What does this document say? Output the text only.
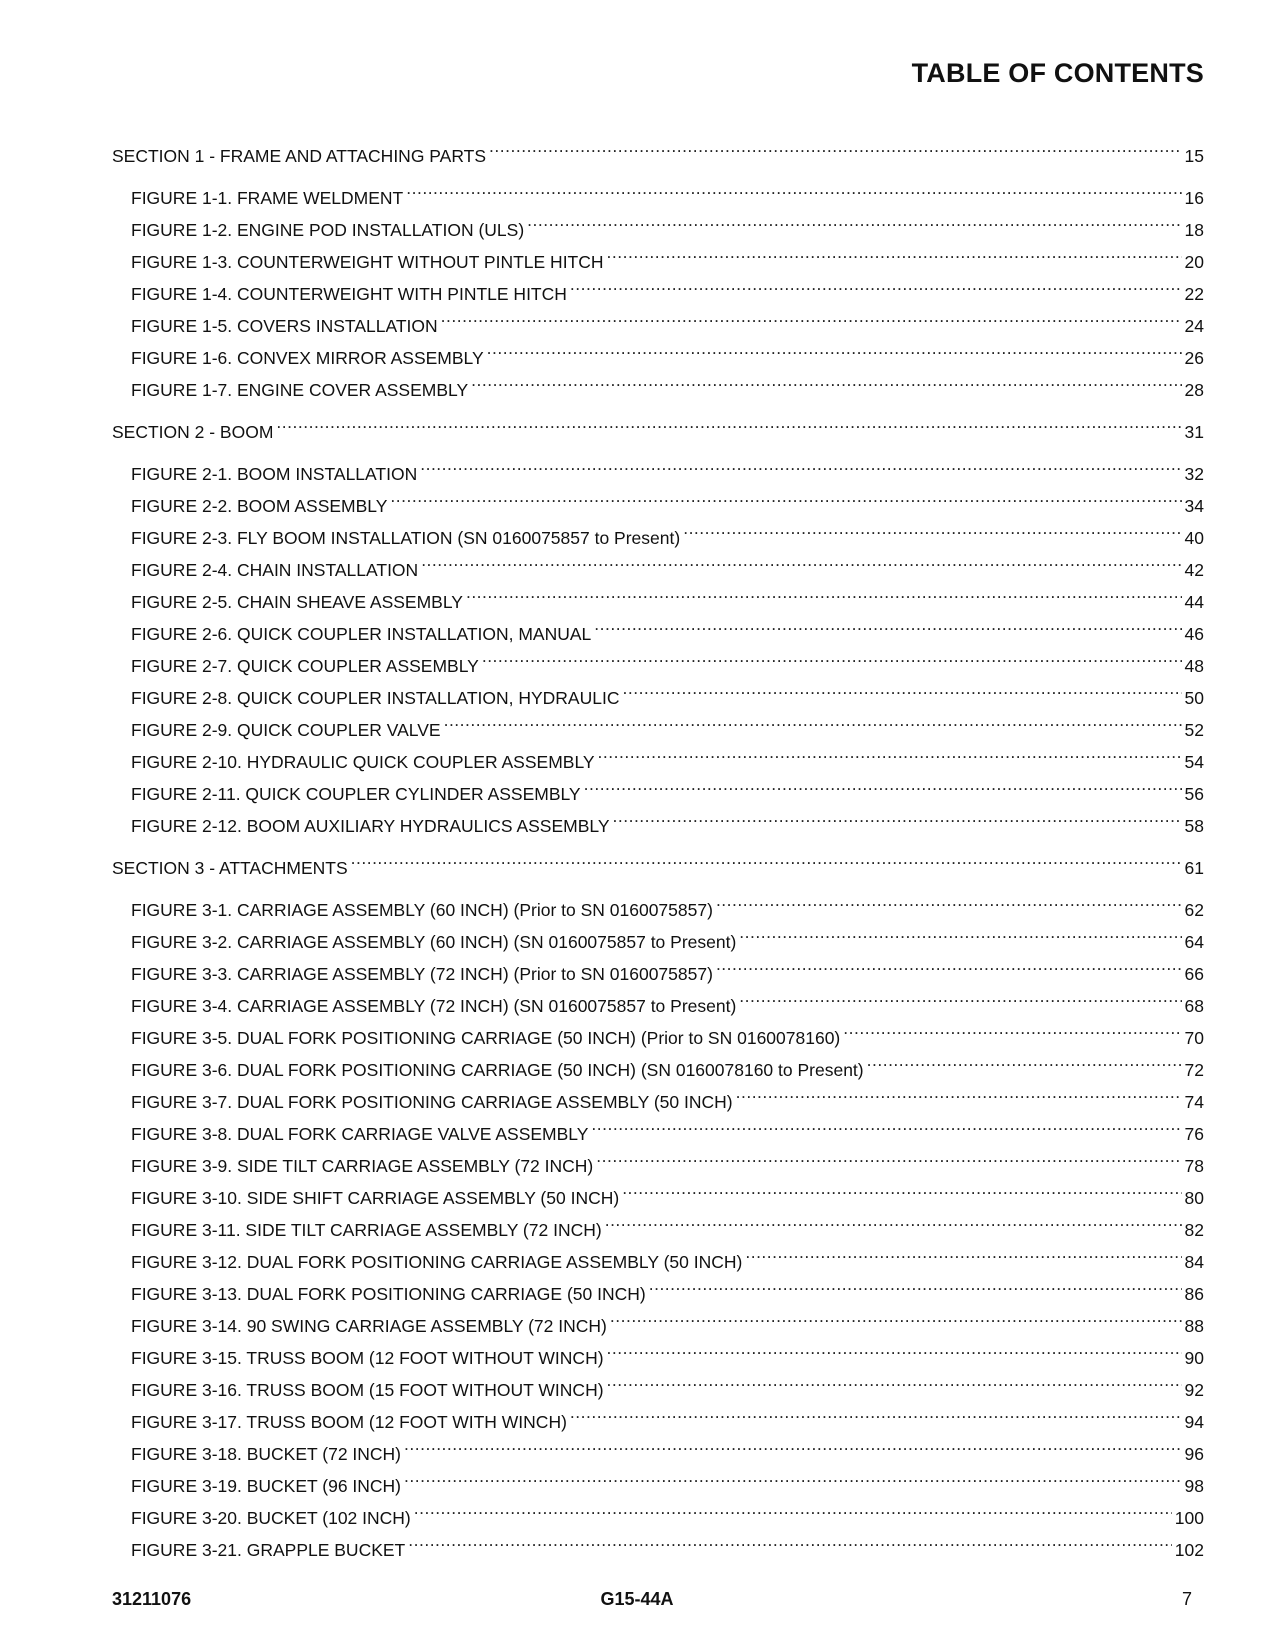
TABLE OF CONTENTS
SECTION 1 - FRAME AND ATTACHING PARTS .....	15
FIGURE 1-1. FRAME WELDMENT .....	16
FIGURE 1-2. ENGINE POD INSTALLATION (ULS) .....	18
FIGURE 1-3. COUNTERWEIGHT WITHOUT PINTLE HITCH .....	20
FIGURE 1-4. COUNTERWEIGHT WITH PINTLE HITCH .....	22
FIGURE 1-5. COVERS INSTALLATION .....	24
FIGURE 1-6. CONVEX MIRROR ASSEMBLY .....	26
FIGURE 1-7. ENGINE COVER ASSEMBLY .....	28
SECTION 2 - BOOM .....	31
FIGURE 2-1. BOOM INSTALLATION .....	32
FIGURE 2-2. BOOM ASSEMBLY .....	34
FIGURE 2-3. FLY BOOM INSTALLATION (SN 0160075857 to Present) .....	40
FIGURE 2-4. CHAIN INSTALLATION .....	42
FIGURE 2-5. CHAIN SHEAVE ASSEMBLY .....	44
FIGURE 2-6. QUICK COUPLER INSTALLATION, MANUAL .....	46
FIGURE 2-7. QUICK COUPLER ASSEMBLY .....	48
FIGURE 2-8. QUICK COUPLER INSTALLATION, HYDRAULIC .....	50
FIGURE 2-9. QUICK COUPLER VALVE .....	52
FIGURE 2-10. HYDRAULIC QUICK COUPLER ASSEMBLY .....	54
FIGURE 2-11. QUICK COUPLER CYLINDER ASSEMBLY .....	56
FIGURE 2-12. BOOM AUXILIARY HYDRAULICS ASSEMBLY .....	58
SECTION 3 - ATTACHMENTS .....	61
FIGURE 3-1. CARRIAGE ASSEMBLY (60 INCH) (Prior to SN 0160075857) .....	62
FIGURE 3-2. CARRIAGE ASSEMBLY (60 INCH) (SN 0160075857 to Present) .....	64
FIGURE 3-3. CARRIAGE ASSEMBLY (72 INCH) (Prior to SN 0160075857) .....	66
FIGURE 3-4. CARRIAGE ASSEMBLY (72 INCH) (SN 0160075857 to Present) .....	68
FIGURE 3-5. DUAL FORK POSITIONING CARRIAGE (50 INCH) (Prior to SN 0160078160) .....	70
FIGURE 3-6. DUAL FORK POSITIONING CARRIAGE (50 INCH) (SN 0160078160 to Present) .....	72
FIGURE 3-7. DUAL FORK POSITIONING CARRIAGE ASSEMBLY (50 INCH) .....	74
FIGURE 3-8. DUAL FORK CARRIAGE VALVE ASSEMBLY .....	76
FIGURE 3-9. SIDE TILT CARRIAGE ASSEMBLY (72 INCH) .....	78
FIGURE 3-10. SIDE SHIFT CARRIAGE ASSEMBLY (50 INCH) .....	80
FIGURE 3-11. SIDE TILT CARRIAGE ASSEMBLY (72 INCH) .....	82
FIGURE 3-12. DUAL FORK POSITIONING CARRIAGE ASSEMBLY (50 INCH) .....	84
FIGURE 3-13. DUAL FORK POSITIONING CARRIAGE (50 INCH) .....	86
FIGURE 3-14. 90 SWING CARRIAGE ASSEMBLY (72 INCH) .....	88
FIGURE 3-15. TRUSS BOOM (12 FOOT WITHOUT WINCH) .....	90
FIGURE 3-16. TRUSS BOOM (15 FOOT WITHOUT WINCH) .....	92
FIGURE 3-17. TRUSS BOOM (12 FOOT WITH WINCH) .....	94
FIGURE 3-18. BUCKET (72 INCH) .....	96
FIGURE 3-19. BUCKET (96 INCH) .....	98
FIGURE 3-20. BUCKET (102 INCH) .....	100
FIGURE 3-21. GRAPPLE BUCKET .....	102
31211076	G15-44A	7
